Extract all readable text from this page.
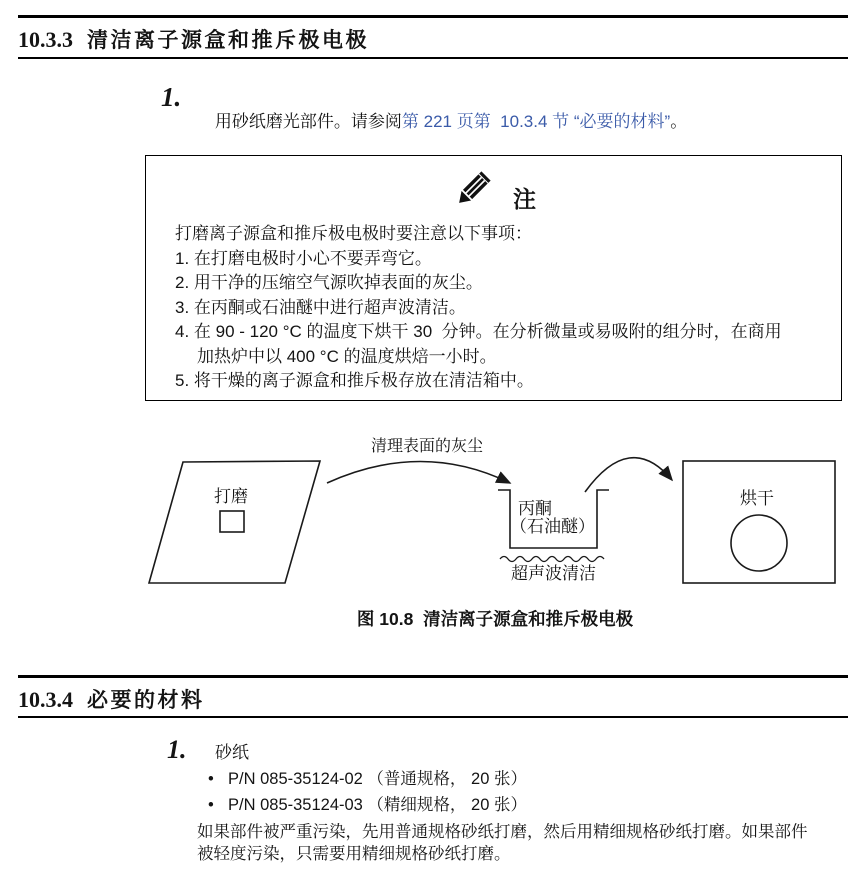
10.3.3 清洁离子源盒和推斥极电极
1.

用砂纸磨光部件。请参阅第 221 页第  10.3.4 节 “必要的材料”。

注
打磨离子源盒和推斥极电极时要注意以下事项：
1. 在打磨电极时小心不要弄弯它。
2. 用干净的压缩空气源吹掉表面的灰尘。
3. 在丙酮或石油醚中进行超声波清洁。
4. 在 90 - 120 °C 的温度下烘干 30  分钟。在分析微量或易吸附的组分时，在商用
加热炉中以 400 °C 的温度烘焙一小时。
5. 将干燥的离子源盒和推斥极存放在清洁箱中。
打磨
清理表面的灰尘
丙酮
（石油醚）
超声波清洁
烘干
图 10.8  清洁离子源盒和推斥极电极
10.3.4 必要的材料
1. 砂纸
• P/N 085-35124-02 （普通规格， 20 张）
• P/N 085-35124-03 （精细规格， 20 张）
如果部件被严重污染，先用普通规格砂纸打磨，然后用精细规格砂纸打磨。如果部件
被轻度污染，只需要用精细规格砂纸打磨。
